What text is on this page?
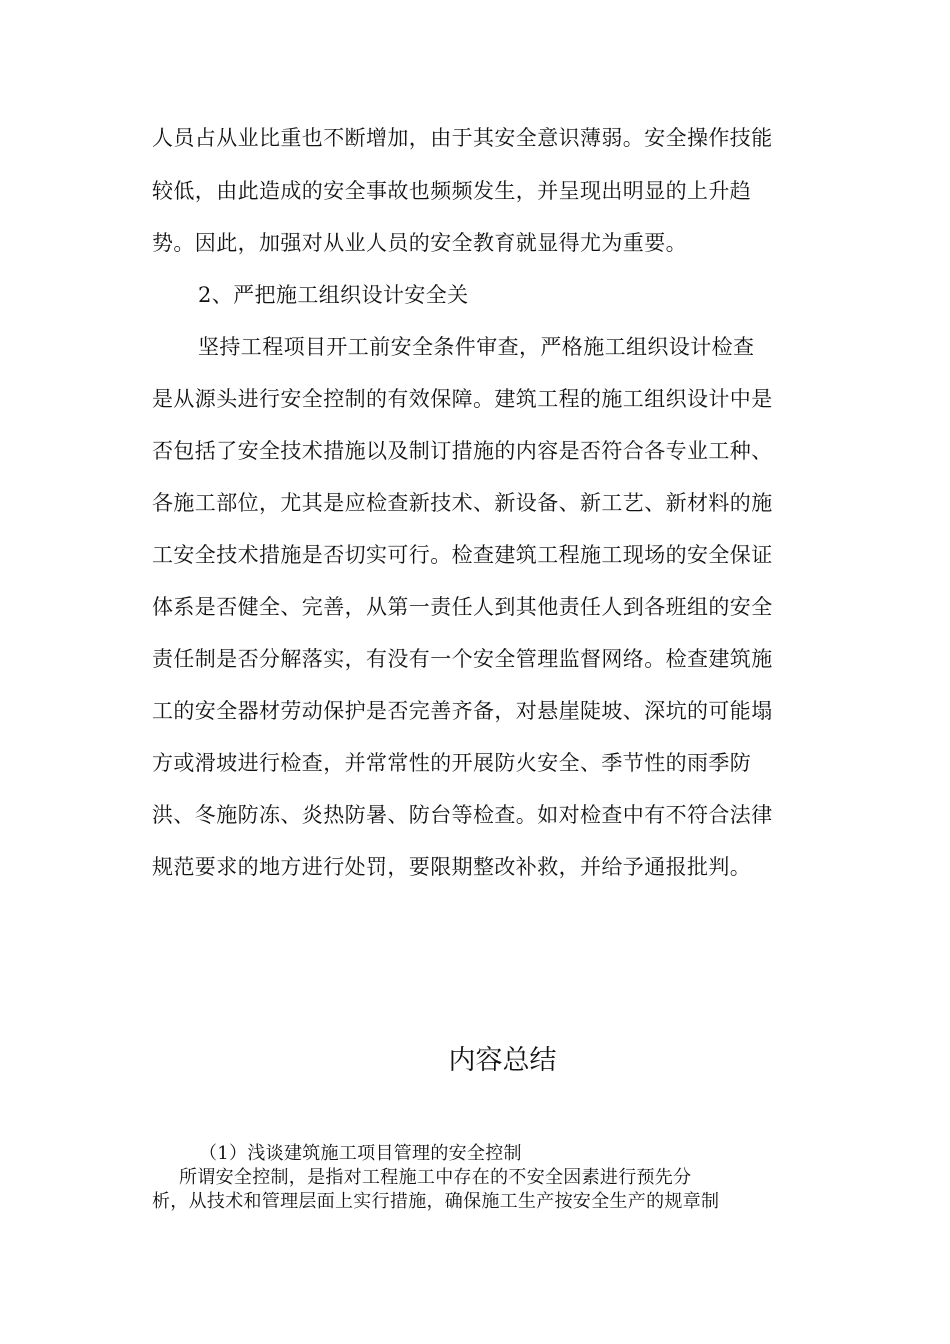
人员占从业比重也不断增加，由于其安全意识薄弱。安全操作技能
较低，由此造成的安全事故也频频发生，并呈现出明显的上升趋
势。因此，加强对从业人员的安全教育就显得尤为重要。
2、严把施工组织设计安全关
坚持工程项目开工前安全条件审查，严格施工组织设计检查
是从源头进行安全控制的有效保障。建筑工程的施工组织设计中是
否包括了安全技术措施以及制订措施的内容是否符合各专业工种、
各施工部位，尤其是应检查新技术、新设备、新工艺、新材料的施
工安全技术措施是否切实可行。检查建筑工程施工现场的安全保证
体系是否健全、完善，从第一责任人到其他责任人到各班组的安全
责任制是否分解落实，有没有一个安全管理监督网络。检查建筑施
工的安全器材劳动保护是否完善齐备，对悬崖陡坡、深坑的可能塌
方或滑坡进行检查，并常常性的开展防火安全、季节性的雨季防
洪、冬施防冻、炎热防暑、防台等检查。如对检查中有不符合法律
规范要求的地方进行处罚，要限期整改补救，并给予通报批判。
内容总结
（1）浅谈建筑施工项目管理的安全控制
所谓安全控制，是指对工程施工中存在的不安全因素进行预先分
析，从技术和管理层面上实行措施，确保施工生产按安全生产的规章制
